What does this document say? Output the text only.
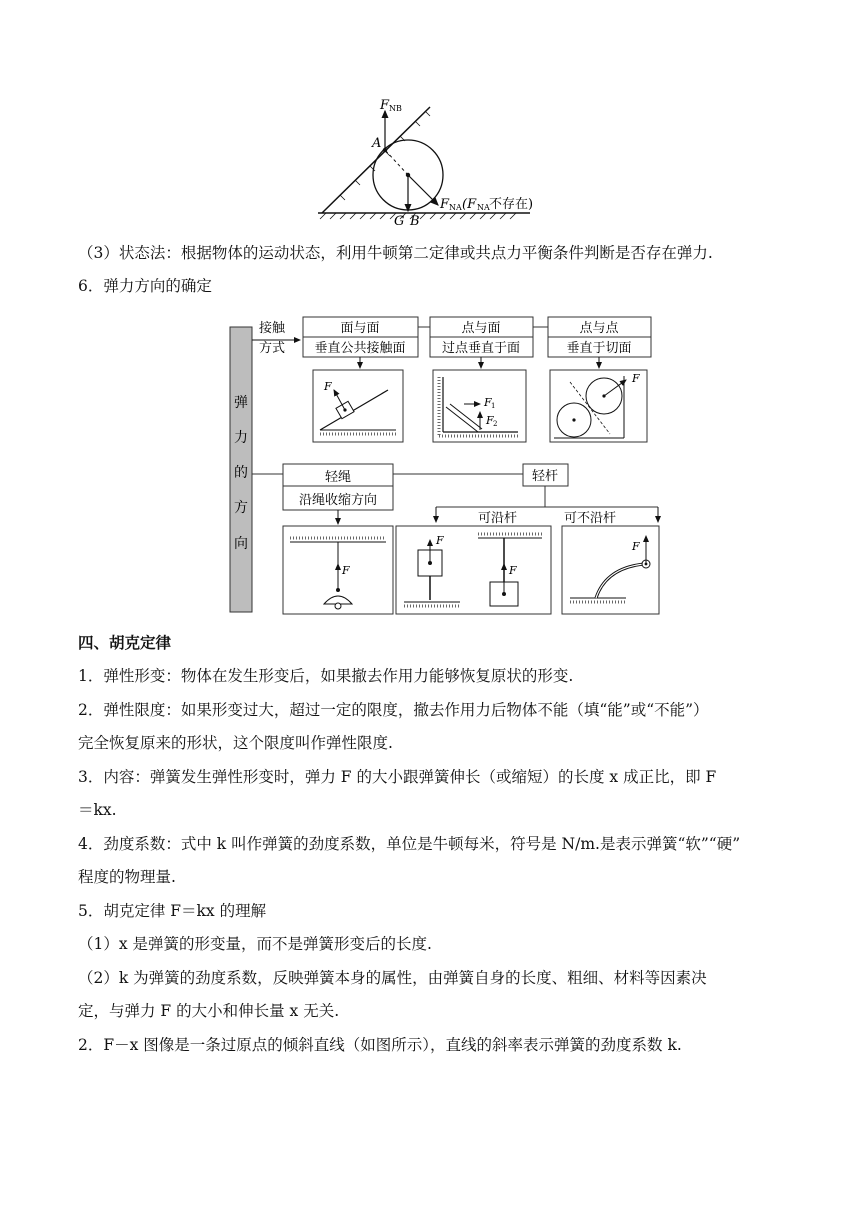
F NB
A
F NA (F NA 不存在)
G B
（3）状态法：根据物体的运动状态，利用牛顿第二定律或共点力平衡条件判断是否存在弹力.
6．弹力方向的确定
弹
力
的
方
向
接触
方式
面与面
垂直公共接触面
点与面
过点垂直于面
点与点
垂直于切面
F
F 1
F 2
F
轻绳
沿绳收缩方向
轻杆
可沿杆	可不沿杆
F
F
F
F
四、胡克定律
1．弹性形变：物体在发生形变后，如果撤去作用力能够恢复原状的形变.
2．弹性限度：如果形变过大，超过一定的限度，撤去作用力后物体不能（填“能”或“不能”）
完全恢复原来的形状，这个限度叫作弹性限度.
3．内容：弹簧发生弹性形变时，弹力 F 的大小跟弹簧伸长（或缩短）的长度 x 成正比，即 F
＝kx.
4．劲度系数：式中 k 叫作弹簧的劲度系数，单位是牛顿每米，符号是 N/m.是表示弹簧“软”“硬”
程度的物理量.
5．胡克定律 F＝kx 的理解
（1）x 是弹簧的形变量，而不是弹簧形变后的长度.
（2）k 为弹簧的劲度系数，反映弹簧本身的属性，由弹簧自身的长度、粗细、材料等因素决
定，与弹力 F 的大小和伸长量 x 无关.
2．F－x 图像是一条过原点的倾斜直线（如图所示），直线的斜率表示弹簧的劲度系数 k.
